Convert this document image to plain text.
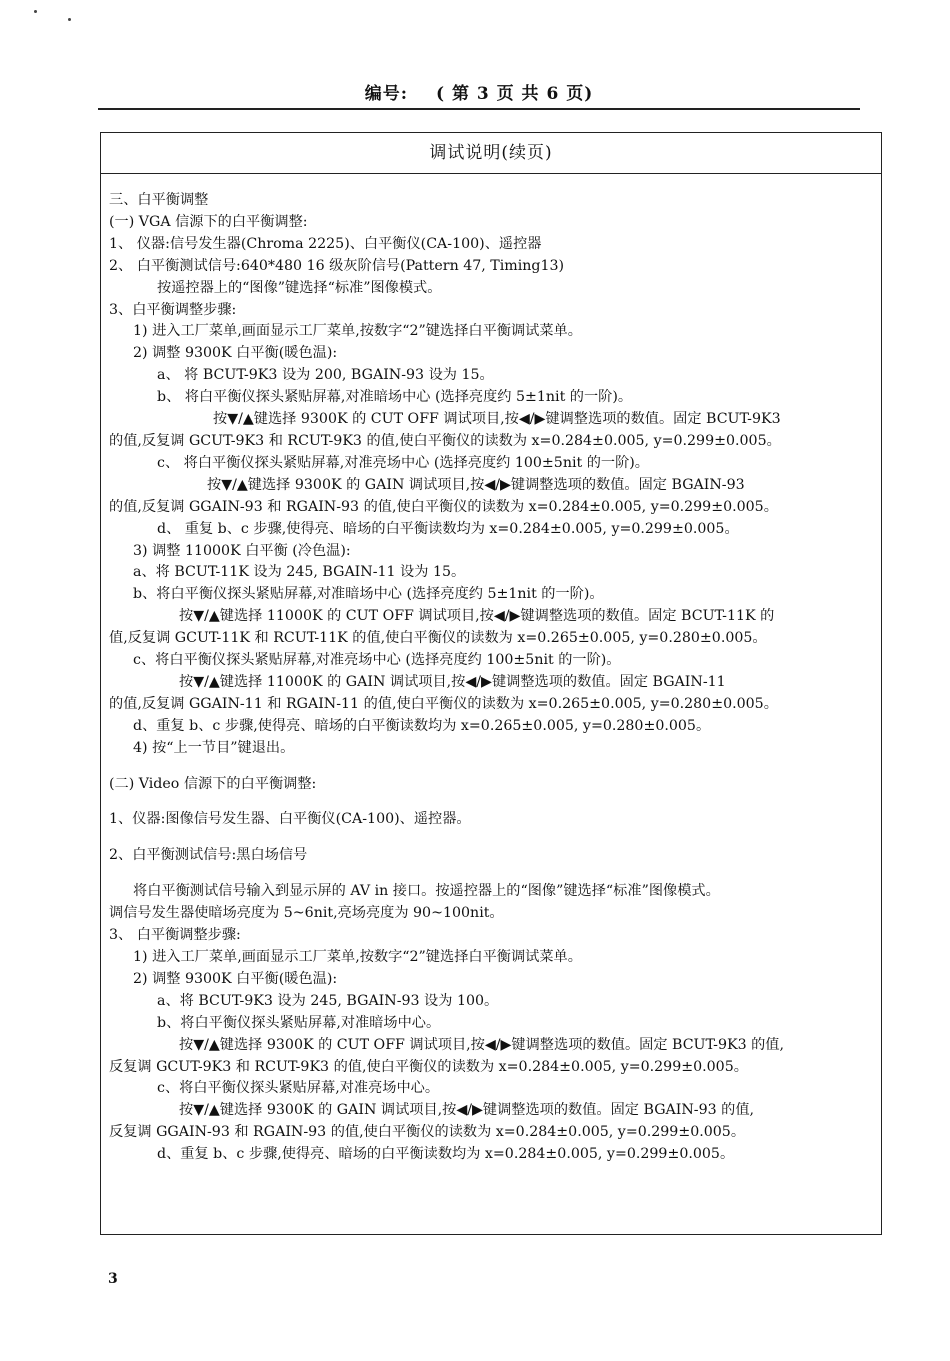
编号: ( 第 3 页 共 6 页)
调试说明(续页)
三、白平衡调整
(一) VGA 信源下的白平衡调整:
1、 仪器:信号发生器(Chroma 2225)、白平衡仪(CA-100)、遥控器
2、 白平衡测试信号:640*480 16 级灰阶信号(Pattern 47, Timing13)
按遥控器上的“图像”键选择“标准”图像模式。
3、白平衡调整步骤:
1) 进入工厂菜单,画面显示工厂菜单,按数字“2”键选择白平衡调试菜单。
2) 调整 9300K 白平衡(暖色温):
a、 将 BCUT-9K3 设为 200, BGAIN-93 设为 15。
b、 将白平衡仪探头紧贴屏幕,对准暗场中心 (选择亮度约 5±1nit 的一阶)。
按▼/▲键选择 9300K 的 CUT OFF 调试项目,按◀/▶键调整选项的数值。固定 BCUT-9K3
的值,反复调 GCUT-9K3 和 RCUT-9K3 的值,使白平衡仪的读数为 x=0.284±0.005, y=0.299±0.005。
c、 将白平衡仪探头紧贴屏幕,对准亮场中心 (选择亮度约 100±5nit 的一阶)。
按▼/▲键选择 9300K 的 GAIN 调试项目,按◀/▶键调整选项的数值。固定 BGAIN-93
的值,反复调 GGAIN-93 和 RGAIN-93 的值,使白平衡仪的读数为 x=0.284±0.005, y=0.299±0.005。
d、 重复 b、c 步骤,使得亮、暗场的白平衡读数均为 x=0.284±0.005, y=0.299±0.005。
3) 调整 11000K 白平衡 (冷色温):
a、将 BCUT-11K 设为 245, BGAIN-11 设为 15。
b、将白平衡仪探头紧贴屏幕,对准暗场中心 (选择亮度约 5±1nit 的一阶)。
按▼/▲键选择 11000K 的 CUT OFF 调试项目,按◀/▶键调整选项的数值。固定 BCUT-11K 的
值,反复调 GCUT-11K 和 RCUT-11K 的值,使白平衡仪的读数为 x=0.265±0.005, y=0.280±0.005。
c、将白平衡仪探头紧贴屏幕,对准亮场中心 (选择亮度约 100±5nit 的一阶)。
按▼/▲键选择 11000K 的 GAIN 调试项目,按◀/▶键调整选项的数值。固定 BGAIN-11
的值,反复调 GGAIN-11 和 RGAIN-11 的值,使白平衡仪的读数为 x=0.265±0.005, y=0.280±0.005。
d、重复 b、c 步骤,使得亮、暗场的白平衡读数均为 x=0.265±0.005, y=0.280±0.005。
4) 按“上一节目”键退出。
(二) Video 信源下的白平衡调整:
1、仪器:图像信号发生器、白平衡仪(CA-100)、遥控器。
2、白平衡测试信号:黑白场信号
将白平衡测试信号输入到显示屏的 AV in 接口。按遥控器上的“图像”键选择“标准”图像模式。
调信号发生器使暗场亮度为 5~6nit,亮场亮度为 90~100nit。
3、 白平衡调整步骤:
1) 进入工厂菜单,画面显示工厂菜单,按数字“2”键选择白平衡调试菜单。
2) 调整 9300K 白平衡(暖色温):
a、将 BCUT-9K3 设为 245, BGAIN-93 设为 100。
b、将白平衡仪探头紧贴屏幕,对准暗场中心。
按▼/▲键选择 9300K 的 CUT OFF 调试项目,按◀/▶键调整选项的数值。固定 BCUT-9K3 的值,
反复调 GCUT-9K3 和 RCUT-9K3 的值,使白平衡仪的读数为 x=0.284±0.005, y=0.299±0.005。
c、将白平衡仪探头紧贴屏幕,对准亮场中心。
按▼/▲键选择 9300K 的 GAIN 调试项目,按◀/▶键调整选项的数值。固定 BGAIN-93 的值,
反复调 GGAIN-93 和 RGAIN-93 的值,使白平衡仪的读数为 x=0.284±0.005, y=0.299±0.005。
d、重复 b、c 步骤,使得亮、暗场的白平衡读数均为 x=0.284±0.005, y=0.299±0.005。
3
